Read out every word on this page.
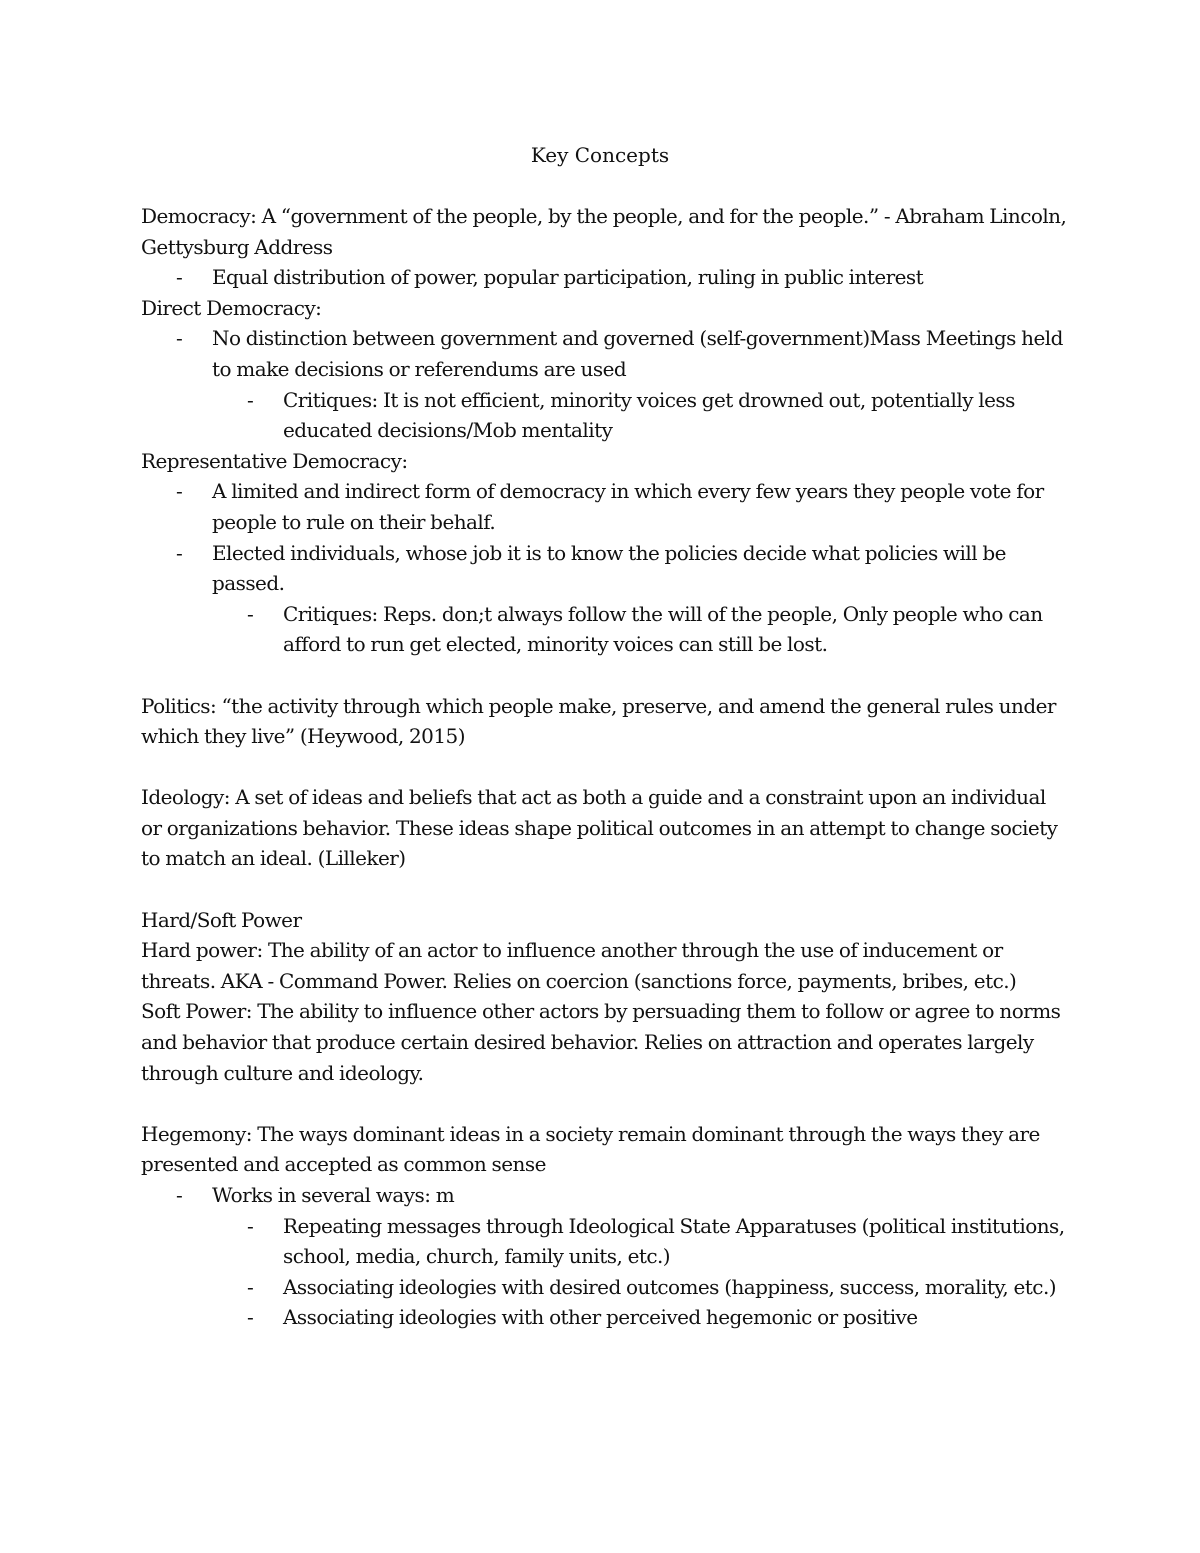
Key Concepts

Democracy: A “government of the people, by the people, and for the people.” - Abraham Lincoln, Gettysburg Address

- Equal distribution of power, popular participation, ruling in public interest

Direct Democracy:

- No distinction between government and governed (self-government)Mass Meetings held to make decisions or referendums are used
- Critiques: It is not efficient, minority voices get drowned out, potentially less educated decisions/Mob mentality

Representative Democracy:

- A limited and indirect form of democracy in which every few years they people vote for people to rule on their behalf.
- Elected individuals, whose job it is to know the policies decide what policies will be passed.
- Critiques: Reps. don;t always follow the will of the people, Only people who can afford to run get elected, minority voices can still be lost.

Politics: “the activity through which people make, preserve, and amend the general rules under which they live” (Heywood, 2015)

Ideology: A set of ideas and beliefs that act as both a guide and a constraint upon an individual or organizations behavior. These ideas shape political outcomes in an attempt to change society to match an ideal. (Lilleker)

Hard/Soft Power

Hard power: The ability of an actor to influence another through the use of inducement or threats. AKA - Command Power. Relies on coercion (sanctions force, payments, bribes, etc.)

Soft Power: The ability to influence other actors by persuading them to follow or agree to norms and behavior that produce certain desired behavior. Relies on attraction and operates largely through culture and ideology.

Hegemony: The ways dominant ideas in a society remain dominant through the ways they are presented and accepted as common sense

- Works in several ways: m
- Repeating messages through Ideological State Apparatuses (political institutions, school, media, church, family units, etc.)
- Associating ideologies with desired outcomes (happiness, success, morality, etc.)
- Associating ideologies with other perceived hegemonic or positive
